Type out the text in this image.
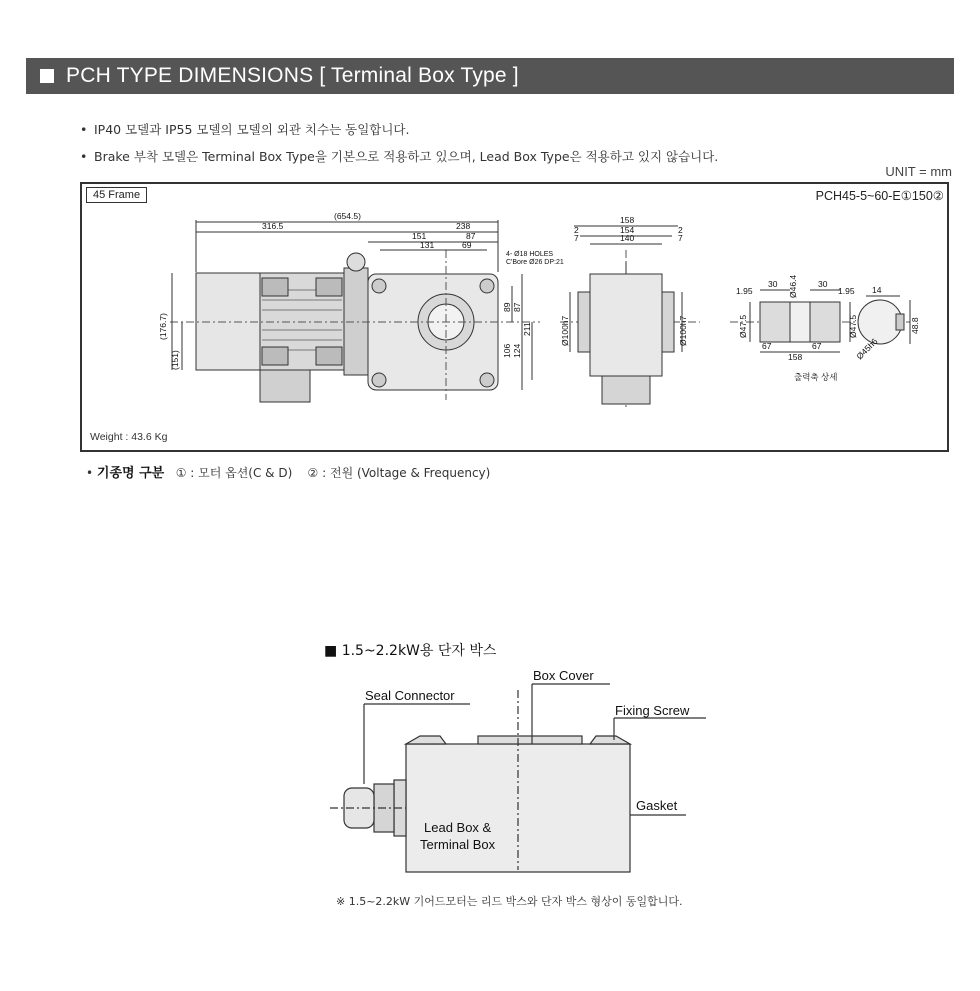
PCH TYPE DIMENSIONS [ Terminal Box Type ]
• IP40 모델과 IP55 모델의 모델의 외관 치수는 동일합니다.
• Brake 부착 모델은 Terminal Box Type을 기본으로 적용하고 있으며, Lead Box Type은 적용하고 있지 않습니다.
UNIT = mm
45 Frame	PCH45-5~60-E①150②
Weight : 43.6 Kg
(654.5)
316.5	238
151	87
131	69
4- Ø18 HOLES
C'Bore Ø26 DP:21
(176.7)
(151)
89 87
211
106 124
158
154
140
2
7
2
7
Ø100h7	Ø100h7
30
1.95	Ø46.4 30
1.95 14
Ø47.5	Ø47.5
67	67
158	Ø45h6
48.8
출력축 상세
Box Cover
Seal Connector
Fixing Screw
Gasket
Lead Box &
Terminal Box
• 기종명 구분 ① : 모터 옵션(C & D) ② : 전원 (Voltage & Frequency)
■ 1.5~2.2kW용 단자 박스
※ 1.5~2.2kW 기어드모터는 리드 박스와 단자 박스 형상이 동일합니다.
